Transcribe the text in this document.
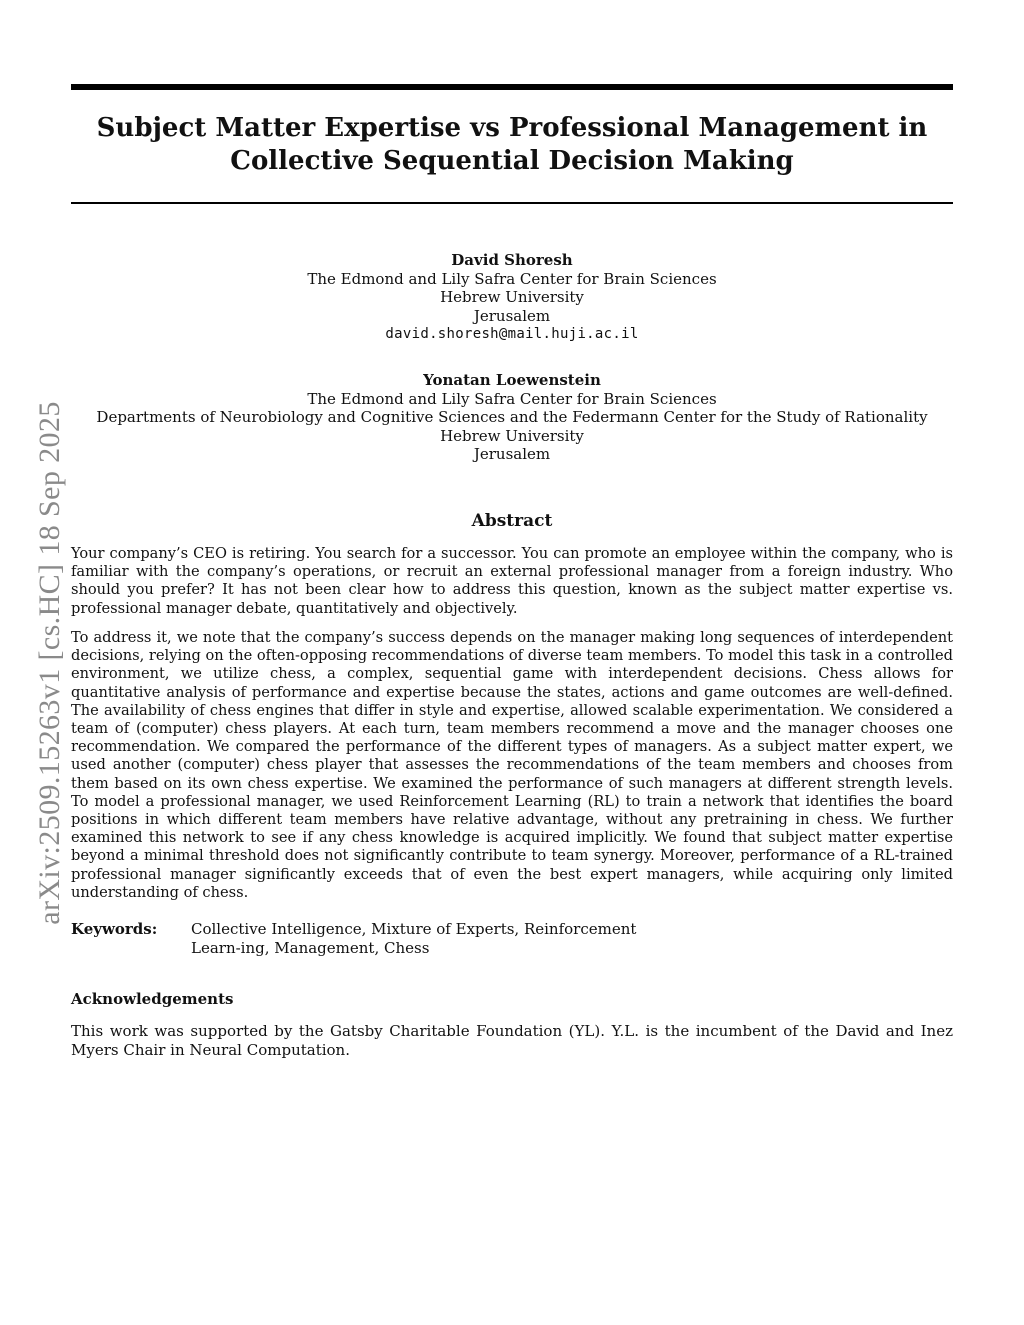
arXiv:2509.15263v1 [cs.HC] 18 Sep 2025
Subject Matter Expertise vs Professional Management in
Collective Sequential Decision Making
David Shoresh
The Edmond and Lily Safra Center for Brain Sciences
Hebrew University
Jerusalem
david.shoresh@mail.huji.ac.il
Yonatan Loewenstein
The Edmond and Lily Safra Center for Brain Sciences
Departments of Neurobiology and Cognitive Sciences and the Federmann Center for the Study of Rationality
Hebrew University
Jerusalem
Abstract

Your company’s CEO is retiring. You search for a successor. You can promote an employee within the company, who is familiar with the company’s operations, or recruit an external professional manager from a foreign industry. Who should you prefer? It has not been clear how to address this question, known as the subject matter expertise vs. professional manager debate, quantitatively and objectively.

To address it, we note that the company’s success depends on the manager making long sequences of interdependent decisions, relying on the often-opposing recommendations of diverse team members. To model this task in a controlled environment, we utilize chess, a complex, sequential game with interdependent decisions. Chess allows for quantitative analysis of performance and expertise because the states, actions and game outcomes are well-defined. The availability of chess engines that differ in style and expertise, allowed scalable experimentation. We considered a team of (computer) chess players. At each turn, team members recommend a move and the manager chooses one recommendation. We compared the performance of the different types of managers. As a subject matter expert, we used another (computer) chess player that assesses the recommendations of the team members and chooses from them based on its own chess expertise. We examined the performance of such managers at different strength levels. To model a professional manager, we used Reinforcement Learning (RL) to train a network that identifies the board positions in which different team members have relative advantage, without any pretraining in chess. We further examined this network to see if any chess knowledge is acquired implicitly. We found that subject matter expertise beyond a minimal threshold does not significantly contribute to team synergy. Moreover, performance of a RL-trained professional manager significantly exceeds that of even the best expert managers, while acquiring only limited understanding of chess.

Keywords: Collective Intelligence, Mixture of Experts, Reinforcement Learn-ing, Management, Chess
Acknowledgements

This work was supported by the Gatsby Charitable Foundation (YL). Y.L. is the incumbent of the David and Inez Myers Chair in Neural Computation.
